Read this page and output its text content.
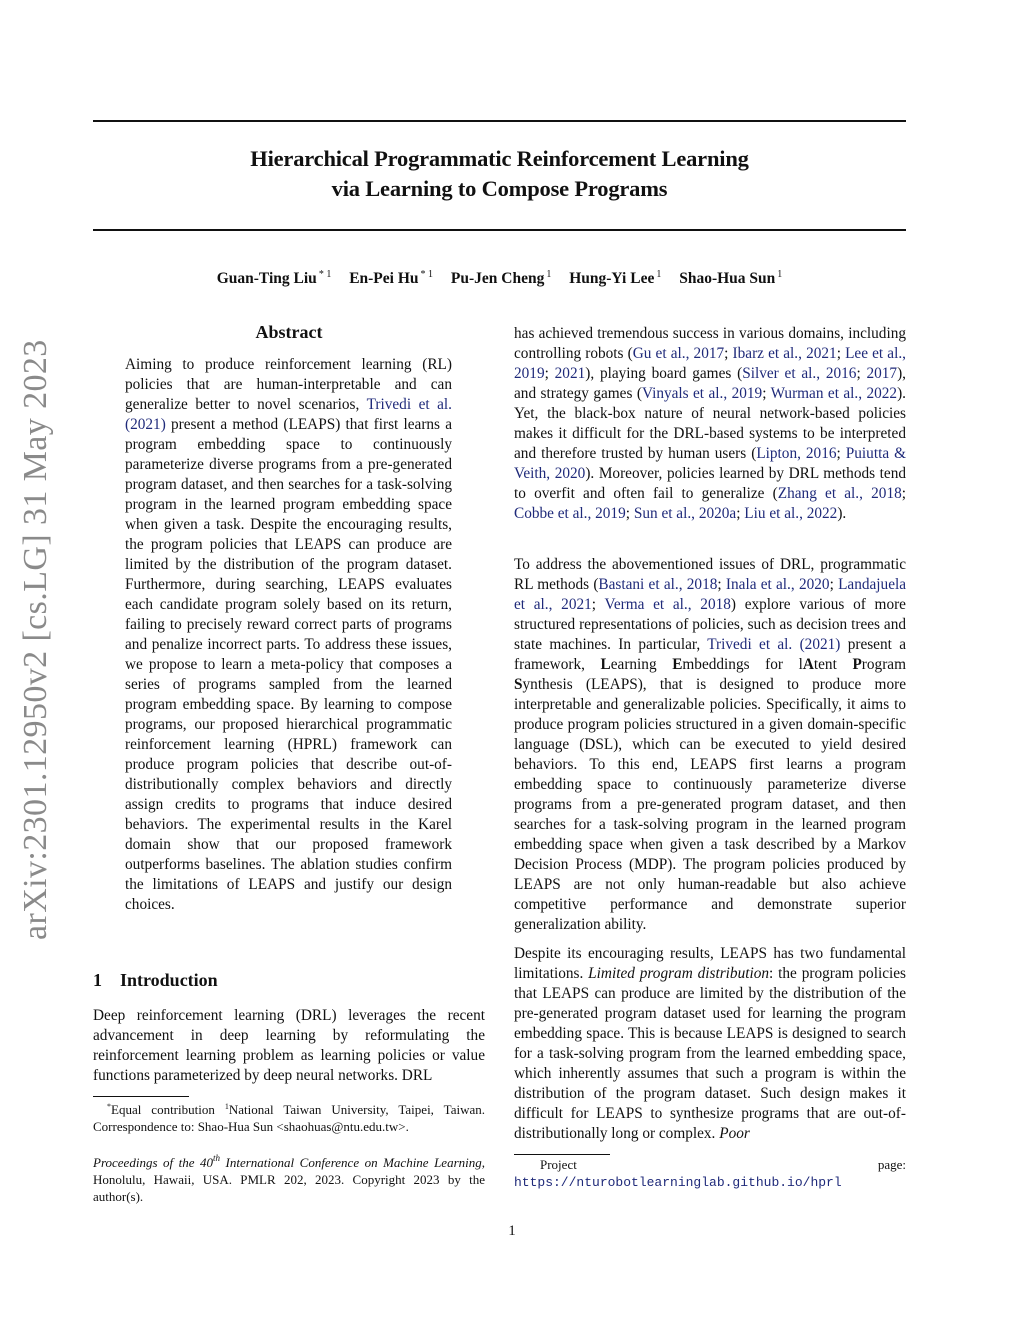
Hierarchical Programmatic Reinforcement Learning
via Learning to Compose Programs
Guan-Ting Liu $^{* 1}$ En-Pei Hu $^{* 1}$ Pu-Jen Cheng $^1$ Hung-Yi Lee $^1$ Shao-Hua Sun $^1$
arXiv:2301.12950v2 [cs.LG] 31 May 2023
Abstract
Aiming to produce reinforcement learning (RL) policies that are human-interpretable and can generalize better to novel scenarios, Trivedi et al. (2021) present a method (LEAPS) that first learns a program embedding space to continuously parameterize diverse programs from a pre-generated program dataset, and then searches for a task-solving program in the learned program embedding space when given a task. Despite the encouraging results, the program policies that LEAPS can produce are limited by the distribution of the program dataset. Furthermore, during searching, LEAPS evaluates each candidate program solely based on its return, failing to precisely reward correct parts of programs and penalize incorrect parts. To address these issues, we propose to learn a meta-policy that composes a series of programs sampled from the learned program embedding space. By learning to compose programs, our proposed hierarchical programmatic reinforcement learning (HPRL) framework can produce program policies that describe out-of-distributionally complex behaviors and directly assign credits to programs that induce desired behaviors. The experimental results in the Karel domain show that our proposed framework outperforms baselines. The ablation studies confirm the limitations of LEAPS and justify our design choices.
1 Introduction
Deep reinforcement learning (DRL) leverages the recent advancement in deep learning by reformulating the reinforcement learning problem as learning policies or value functions parameterized by deep neural networks. DRL
*Equal contribution $^1$National Taiwan University, Taipei, Taiwan. Correspondence to: Shao-Hua Sun <shaohuas@ntu.edu.tw>.
Proceedings of the 40th International Conference on Machine Learning, Honolulu, Hawaii, USA. PMLR 202, 2023. Copyright 2023 by the author(s).
has achieved tremendous success in various domains, including controlling robots (Gu et al., 2017; Ibarz et al., 2021; Lee et al., 2019; 2021), playing board games (Silver et al., 2016; 2017), and strategy games (Vinyals et al., 2019; Wurman et al., 2022). Yet, the black-box nature of neural network-based policies makes it difficult for the DRL-based systems to be interpreted and therefore trusted by human users (Lipton, 2016; Puiutta & Veith, 2020). Moreover, policies learned by DRL methods tend to overfit and often fail to generalize (Zhang et al., 2018; Cobbe et al., 2019; Sun et al., 2020a; Liu et al., 2022).
To address the abovementioned issues of DRL, programmatic RL methods (Bastani et al., 2018; Inala et al., 2020; Landajuela et al., 2021; Verma et al., 2018) explore various of more structured representations of policies, such as decision trees and state machines. In particular, Trivedi et al. (2021) present a framework, Learning Embeddings for lAtent Program Synthesis (LEAPS), that is designed to produce more interpretable and generalizable policies. Specifically, it aims to produce program policies structured in a given domain-specific language (DSL), which can be executed to yield desired behaviors. To this end, LEAPS first learns a program embedding space to continuously parameterize diverse programs from a pre-generated program dataset, and then searches for a task-solving program in the learned program embedding space when given a task described by a Markov Decision Process (MDP). The program policies produced by LEAPS are not only human-readable but also achieve competitive performance and demonstrate superior generalization ability.
Despite its encouraging results, LEAPS has two fundamental limitations. Limited program distribution: the program policies that LEAPS can produce are limited by the distribution of the pre-generated program dataset used for learning the program embedding space. This is because LEAPS is designed to search for a task-solving program from the learned embedding space, which inherently assumes that such a program is within the distribution of the program dataset. Such design makes it difficult for LEAPS to synthesize programs that are out-of-distributionally long or complex. Poor
Project page: https://nturobotlearninglab.github.io/hprl
1
